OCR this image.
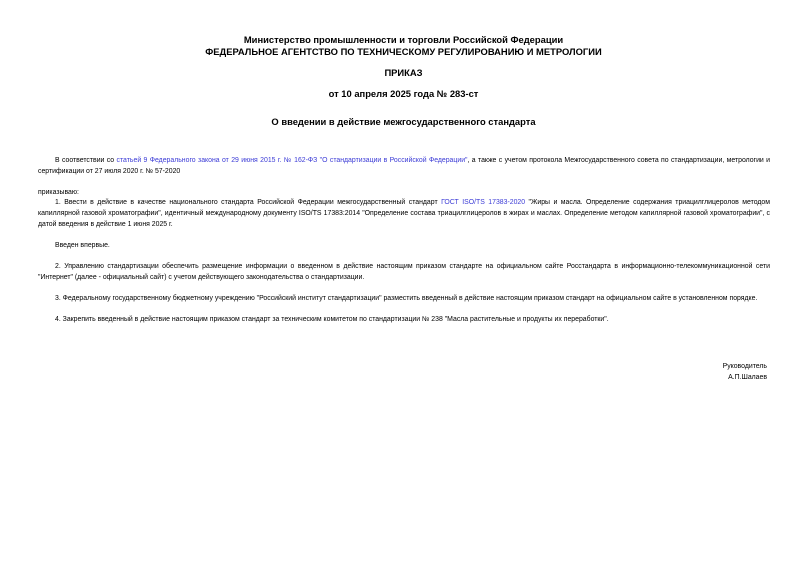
Министерство промышленности и торговли Российской Федерации
ФЕДЕРАЛЬНОЕ АГЕНТСТВО ПО ТЕХНИЧЕСКОМУ РЕГУЛИРОВАНИЮ И МЕТРОЛОГИИ
ПРИКАЗ
от 10 апреля 2025 года № 283-ст
О введении в действие межгосударственного стандарта

В соответствии со статьей 9 Федерального закона от 29 июня 2015 г. № 162-ФЗ "О стандартизации в Российской Федерации", а также с учетом протокола Межгосударственного совета по стандартизации, метрологии и сертификации от 27 июля 2020 г. № 57-2020

приказываю:

1. Ввести в действие в качестве национального стандарта Российской Федерации межгосударственный стандарт ГОСТ ISO/TS 17383-2020 "Жиры и масла. Определение содержания триацилглицеролов методом капиллярной газовой хроматографии", идентичный международному документу ISO/TS 17383:2014 "Определение состава триацилглицеролов в жирах и маслах. Определение методом капиллярной газовой хроматографии", с датой введения в действие 1 июня 2025 г.

Введен впервые.

2. Управлению стандартизации обеспечить размещение информации о введенном в действие настоящим приказом стандарте на официальном сайте Росстандарта в информационно-телекоммуникационной сети "Интернет" (далее - официальный сайт) с учетом действующего законодательства о стандартизации.

3. Федеральному государственному бюджетному учреждению "Российский институт стандартизации" разместить введенный в действие настоящим приказом стандарт на официальном сайте в установленном порядке.

4. Закрепить введенный в действие настоящим приказом стандарт за техническим комитетом по стандартизации № 238 "Масла растительные и продукты их переработки".

Руководитель
А.П.Шалаев
